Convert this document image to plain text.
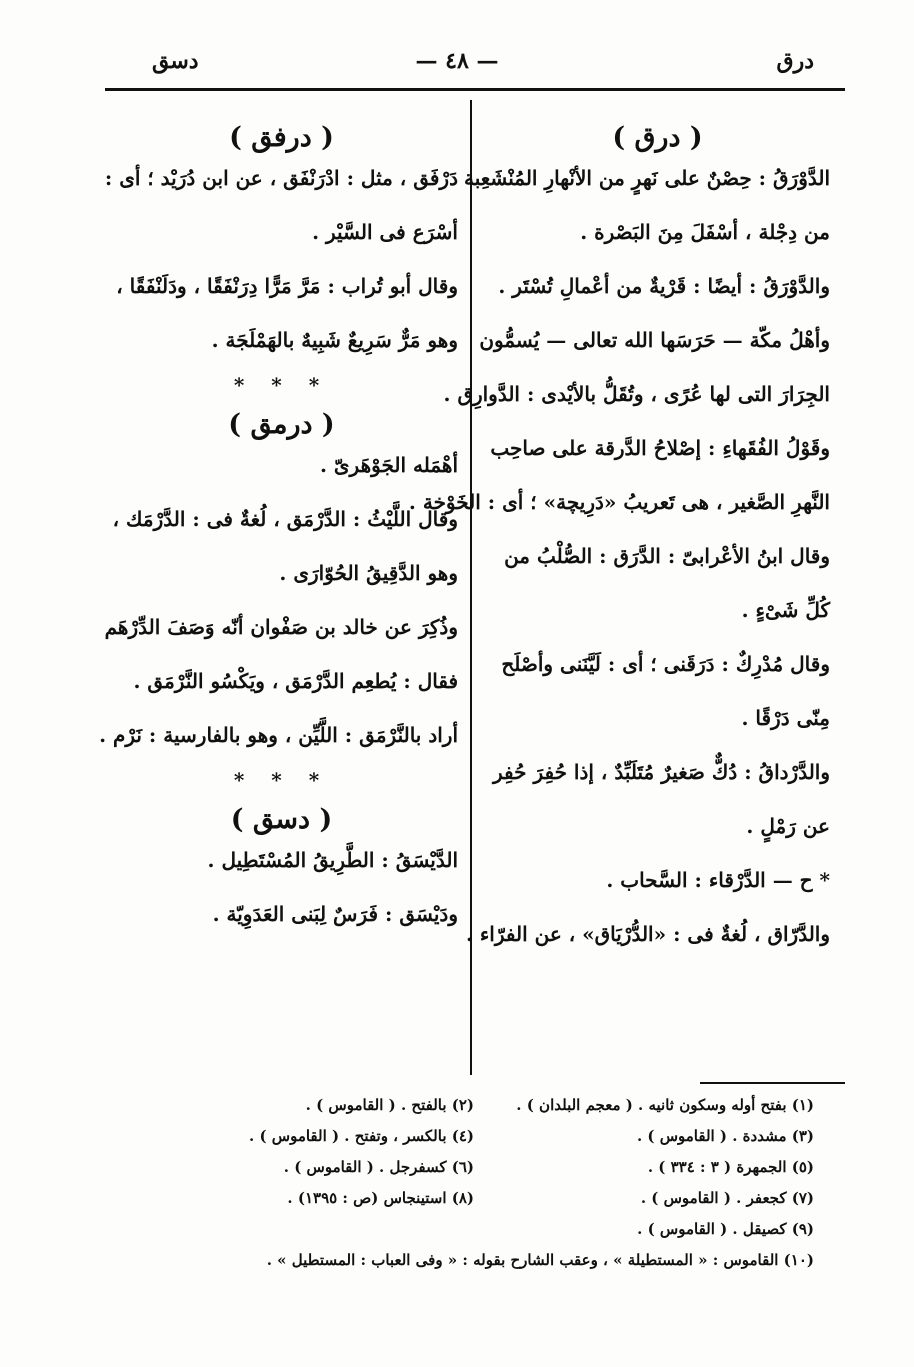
درق
— ٤٨ —
دسق
( درق )
الدَّوْرَقُ : حِصْنٌ على نَهرٍ من الأنْهارِ المُنْشَعِبة
من دِجْلة ، أسْفَلَ مِنَ البَصْرة .
والدَّوْرَقُ : أيضًا : قَرْيةٌ من أعْمالِ تُسْتَر .
وأهْلُ مكّة — حَرَسَها الله تعالى — يُسمُّون
الجِرَارَ التى لها عُرًى ، وتُقَلُّ بالأيْدى : الدَّوارِق .
وقَوْلُ الفُقَهاءِ : إصْلاحُ الدَّرقة على صاحِب
النَّهرِ الصَّغير ، هى تَعريبُ «دَرِيچة» ؛ أى : الخَوْخة .
وقال ابنُ الأعْرابىّ : الدَّرَق : الصُّلْبُ من
كُلِّ شَىْءٍ .
وقال مُدْرِكٌ : دَرَقَنى ؛ أى : لَيَّنَنى وأصْلَح
مِنّى دَرْقًا .
والدَّرْداقُ : دُكٌّ صَغيرٌ مُتَلَبِّدٌ ، إذا حُفِرَ حُفِر
عن رَمْلٍ .
* ح — الدَّرْقاء : السَّحاب .
والدَّرّاق ، لُغةٌ فى : «الدُّرْيَاق» ، عن الفرّاء .
( درفق )
دَرْفَق ، مثل : ادْرَنْفَق ، عن ابن دُرَيْد ؛ أى :
أسْرَع فى السَّيْر .
وقال أبو تُراب : مَرَّ مَرًّا دِرَنْفَقًا ، ودَلَنْفَقًا ،
وهو مَرٌّ سَرِيعٌ شَبِيهٌ بالهَمْلَجَة .
* * *
( درمق )
أهْمَله الجَوْهَرىّ .
وقال اللَّيْثُ : الدَّرْمَق ، لُغةٌ فى : الدَّرْمَك ،
وهو الدَّقِيقُ الحُوّارَى .
وذُكِرَ عن خالد بن صَفْوان أنّه وَصَفَ الدِّرْهَم
فقال : يُطعِم الدَّرْمَق ، ويَكْسُو النَّرْمَق .
أراد بالنَّرْمَق : اللَّيِّن ، وهو بالفارسية : نَرْم .
* * *
( دسق )
الدَّيْسَقُ : الطَّرِيقُ المُسْتَطِيل .
ودَيْسَق : فَرَسٌ لِبَنى العَدَوِيّة .
(١) بفتح أوله وسكون ثانيه . ( معجم البلدان ) .
(٢) بالفتح . ( القاموس ) .
(٣) مشددة . ( القاموس ) .
(٤) بالكسر ، وتفتح . ( القاموس ) .
(٥) الجمهرة ( ٣ : ٣٣٤ ) .
(٦) كسفرجل . ( القاموس ) .
(٧) كجعفر . ( القاموس ) .
(٨) استينجاس (ص : ١٣٩٥) .
(٩) كصيقل . ( القاموس ) .
(١٠) القاموس : « المستطيلة » ، وعقب الشارح بقوله : « وفى العباب : المستطيل » .
